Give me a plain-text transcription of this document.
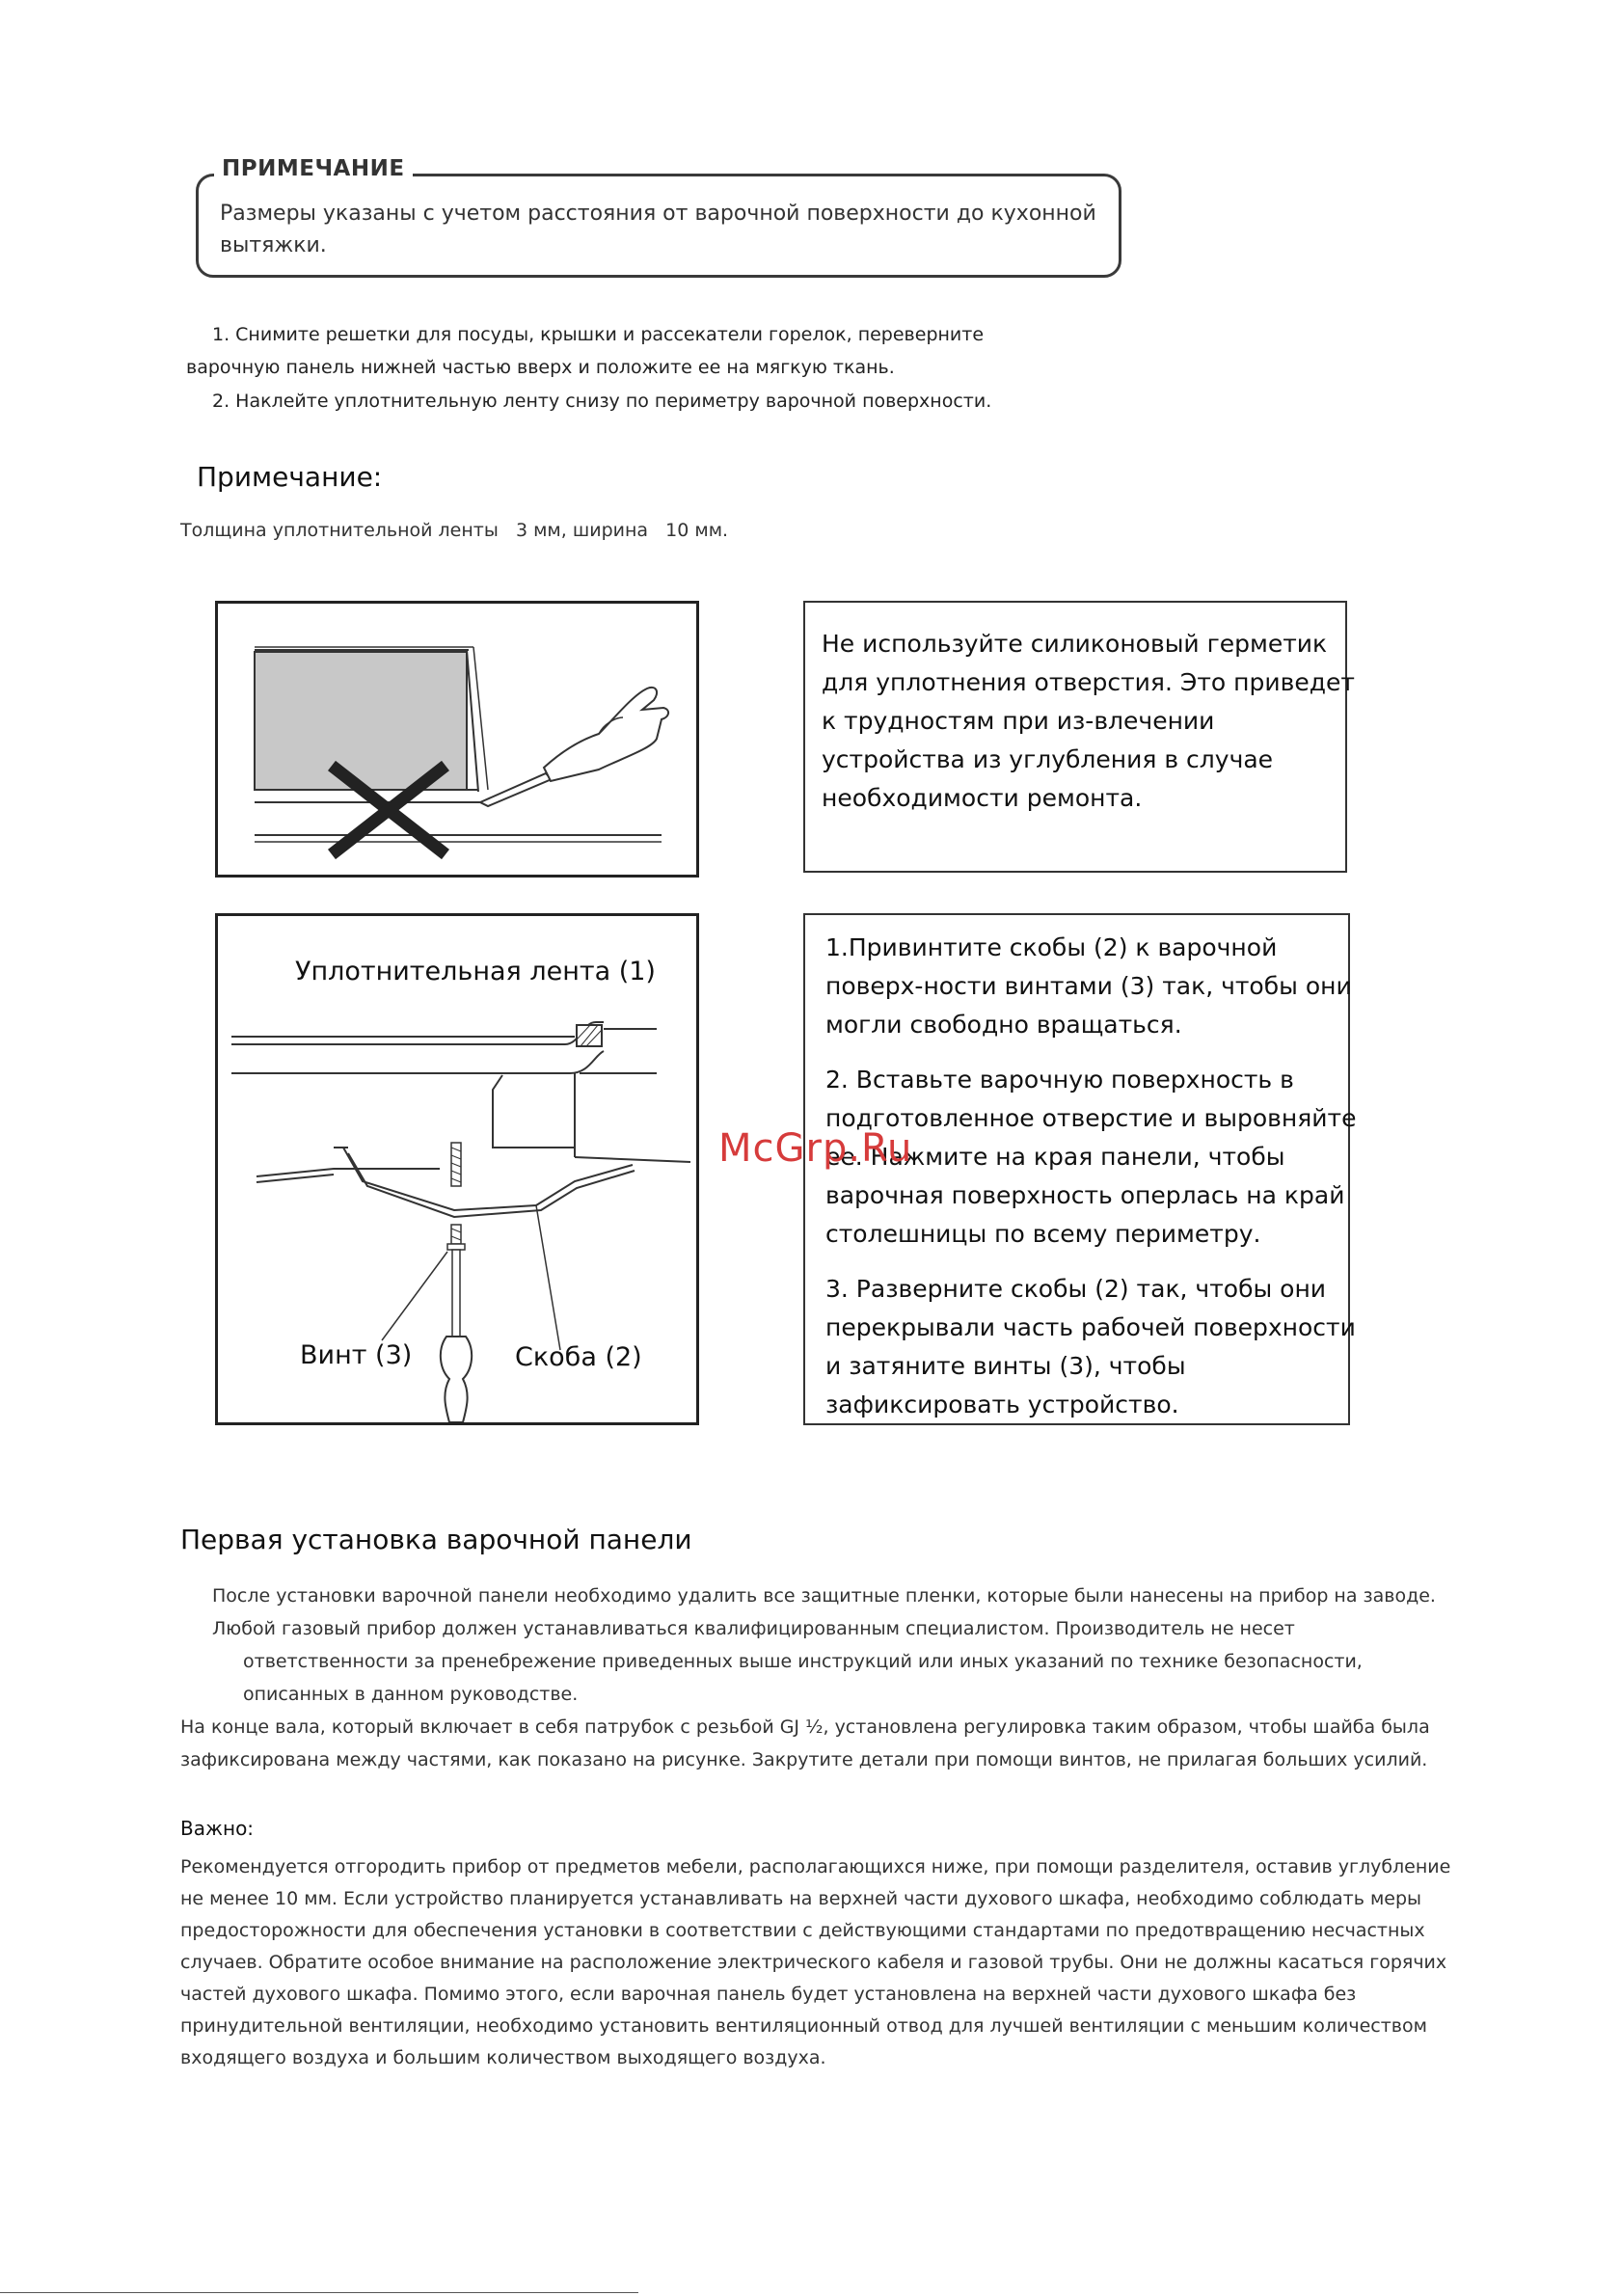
ПРИМЕЧАНИЕ
Размеры указаны с учетом расстояния от варочной поверхности до кухонной вытяжки.
1. Снимите решетки для посуды, крышки и рассекатели горелок, переверните
варочную панель нижней частью вверх и положите ее на мягкую ткань.
2. Наклейте уплотнительную ленту снизу по периметру варочной поверхности.
Примечание:
Толщина уплотнительной ленты   3 мм, ширина   10 мм.
Не используйте силиконовый герметик
для уплотнения отверстия. Это приведет
к трудностям при из-влечении
устройства из углубления в случае
необходимости ремонта.
Уплотнительная лента (1)
Винт (3)	Скоба (2)
1.Привинтите скобы (2) к варочной
поверх-ности винтами (3) так, чтобы они
могли свободно вращаться.
2. Вставьте варочную поверхность в
подготовленное отверстие и выровняйте
ее. Нажмите на края панели, чтобы
варочная поверхность оперлась на край
столешницы по всему периметру.
3. Разверните скобы (2) так, чтобы они
перекрывали часть рабочей поверхности
и затяните винты (3), чтобы
зафиксировать устройство.
McGrp.Ru
Первая установка варочной панели
После установки варочной панели необходимо удалить все защитные пленки, которые были нанесены на прибор на заводе.
Любой газовый прибор должен устанавливаться квалифицированным специалистом. Производитель не несет
ответственности за пренебрежение приведенных выше инструкций или иных указаний по технике безопасности,
описанных в данном руководстве.
На конце вала, который включает в себя патрубок с резьбой GJ ½, установлена регулировка таким образом, чтобы шайба была
зафиксирована между частями, как показано на рисунке. Закрутите детали при помощи винтов, не прилагая больших усилий.
Важно:
Рекомендуется отгородить прибор от предметов мебели, располагающихся ниже, при помощи разделителя, оставив углубление
не менее 10 мм. Если устройство планируется устанавливать на верхней части духового шкафа, необходимо соблюдать меры
предосторожности для обеспечения установки в соответствии с действующими стандартами по предотвращению несчастных
случаев. Обратите особое внимание на расположение электрического кабеля и газовой трубы. Они не должны касаться горячих
частей духового шкафа. Помимо этого, если варочная панель будет установлена на верхней части духового шкафа без
принудительной вентиляции, необходимо установить вентиляционный отвод для лучшей вентиляции с меньшим количеством
входящего воздуха и большим количеством выходящего воздуха.
